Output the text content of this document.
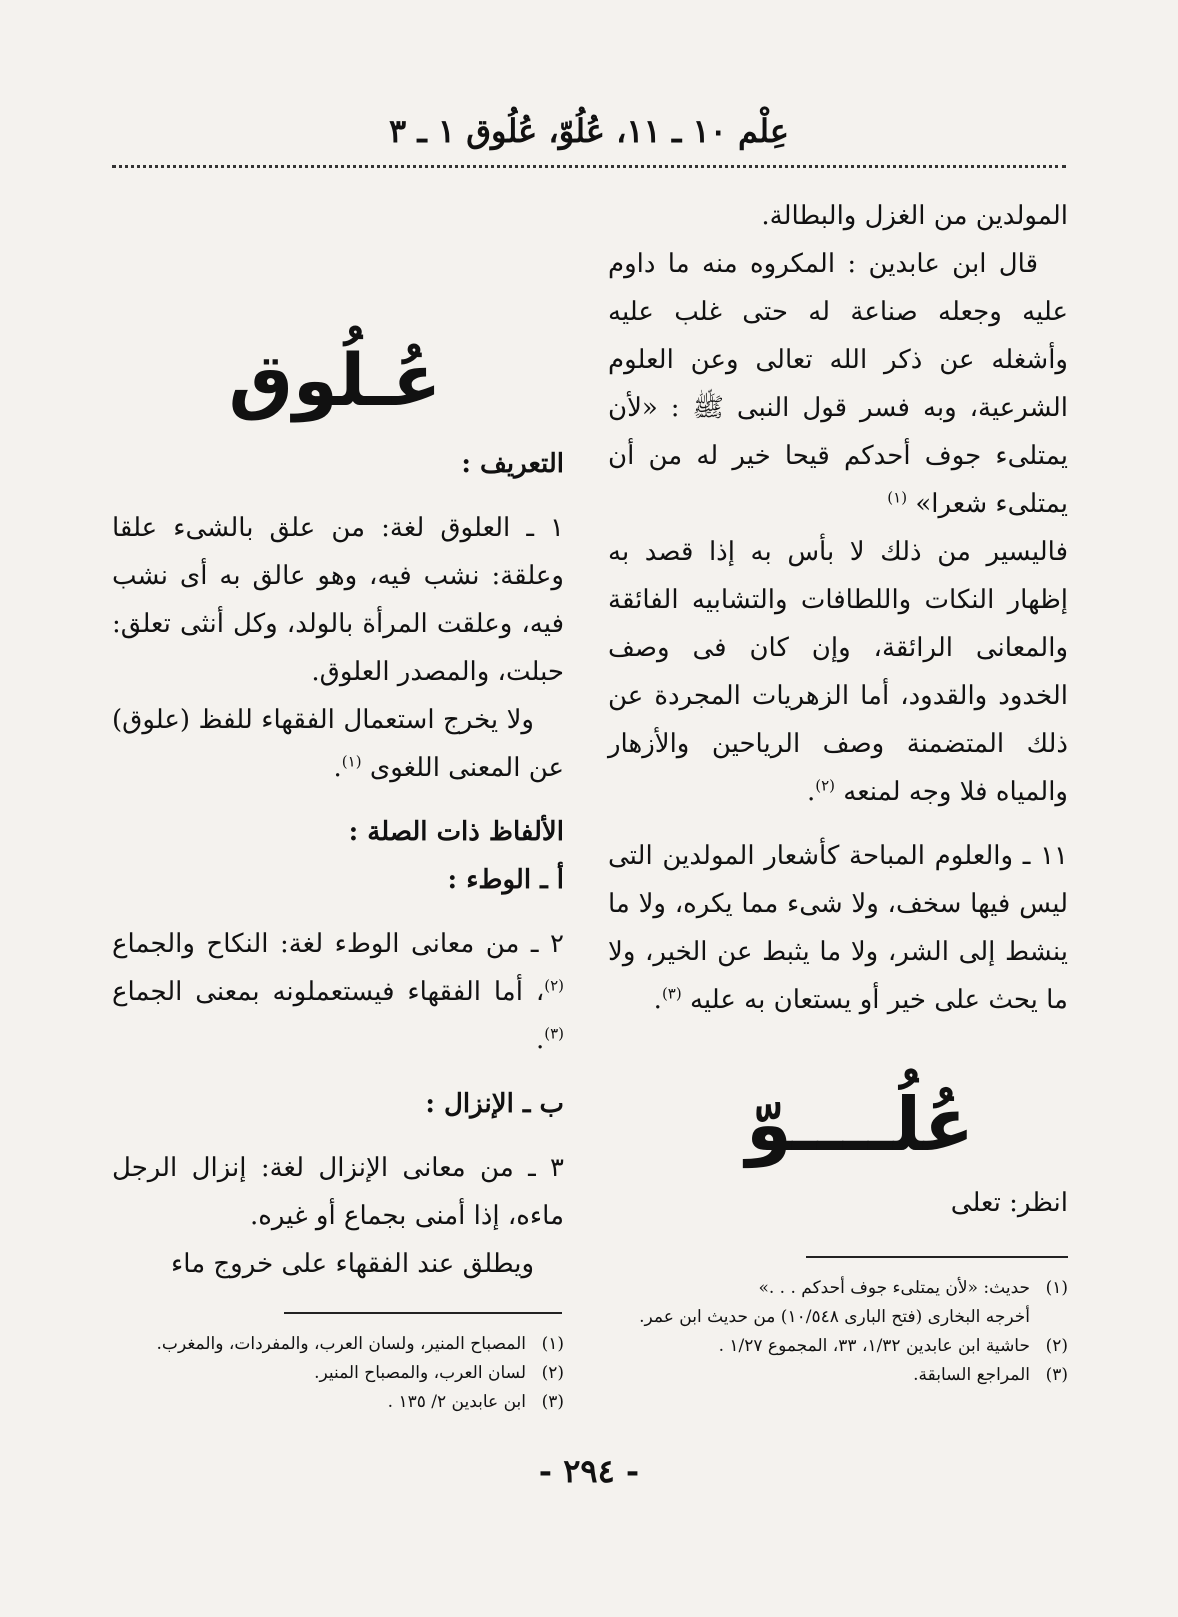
عِلْم ١٠ ـ ١١، عُلُوّ، عُلُوق ١ ـ ٣

المولدين من الغزل والبطالة.

قال ابن عابدين : المكروه منه ما داوم عليه وجعله صناعة له حتى غلب عليه وأشغله عن ذكر الله تعالى وعن العلوم الشرعية، وبه فسر قول النبى ﷺ : «لأن يمتلىء جوف أحدكم قيحا خير له من أن يمتلىء شعرا» $^{(١)}$

فاليسير من ذلك لا بأس به إذا قصد به إظهار النكات واللطافات والتشابيه الفائقة والمعانى الرائقة، وإن كان فى وصف الخدود والقدود، أما الزهريات المجردة عن ذلك المتضمنة وصف الرياحين والأزهار والمياه فلا وجه لمنعه $^{(٢)}$.

١١ ـ والعلوم المباحة كأشعار المولدين التى ليس فيها سخف، ولا شىء مما يكره، ولا ما ينشط إلى الشر، ولا ما يثبط عن الخير، ولا ما يحث على خير أو يستعان به عليه $^{(٣)}$.

عُلُــــوّ
انظر: تعلى
عُـلُوق

التعريف :

١ ـ العلوق لغة: من علق بالشىء علقا وعلقة: نشب فيه، وهو عالق به أى نشب فيه، وعلقت المرأة بالولد، وكل أنثى تعلق: حبلت، والمصدر العلوق.

ولا يخرج استعمال الفقهاء للفظ (علوق) عن المعنى اللغوى $^{(١)}$.

الألفاظ ذات الصلة :

أ ـ الوطء :

٢ ـ من معانى الوطء لغة: النكاح والجماع $^{(٢)}$، أما الفقهاء فيستعملونه بمعنى الجماع $^{(٣)}$.

ب ـ الإنزال :

٣ ـ من معانى الإنزال لغة: إنزال الرجل ماءه، إذا أمنى بجماع أو غيره.

ويطلق عند الفقهاء على خروج ماء

(١)حديث: «لأن يمتلىء جوف أحدكم . . .»

أخرجه البخارى (فتح البارى ١٠/٥٤٨) من حديث ابن عمر.

(٢)حاشية ابن عابدين ١/٣٢، ٣٣، المجموع ١/٢٧ .

(٣)المراجع السابقة.

(١)المصباح المنير، ولسان العرب، والمفردات، والمغرب.

(٢)لسان العرب، والمصباح المنير.

(٣)ابن عابدين ٢/ ١٣٥ .

- ٢٩٤ -
